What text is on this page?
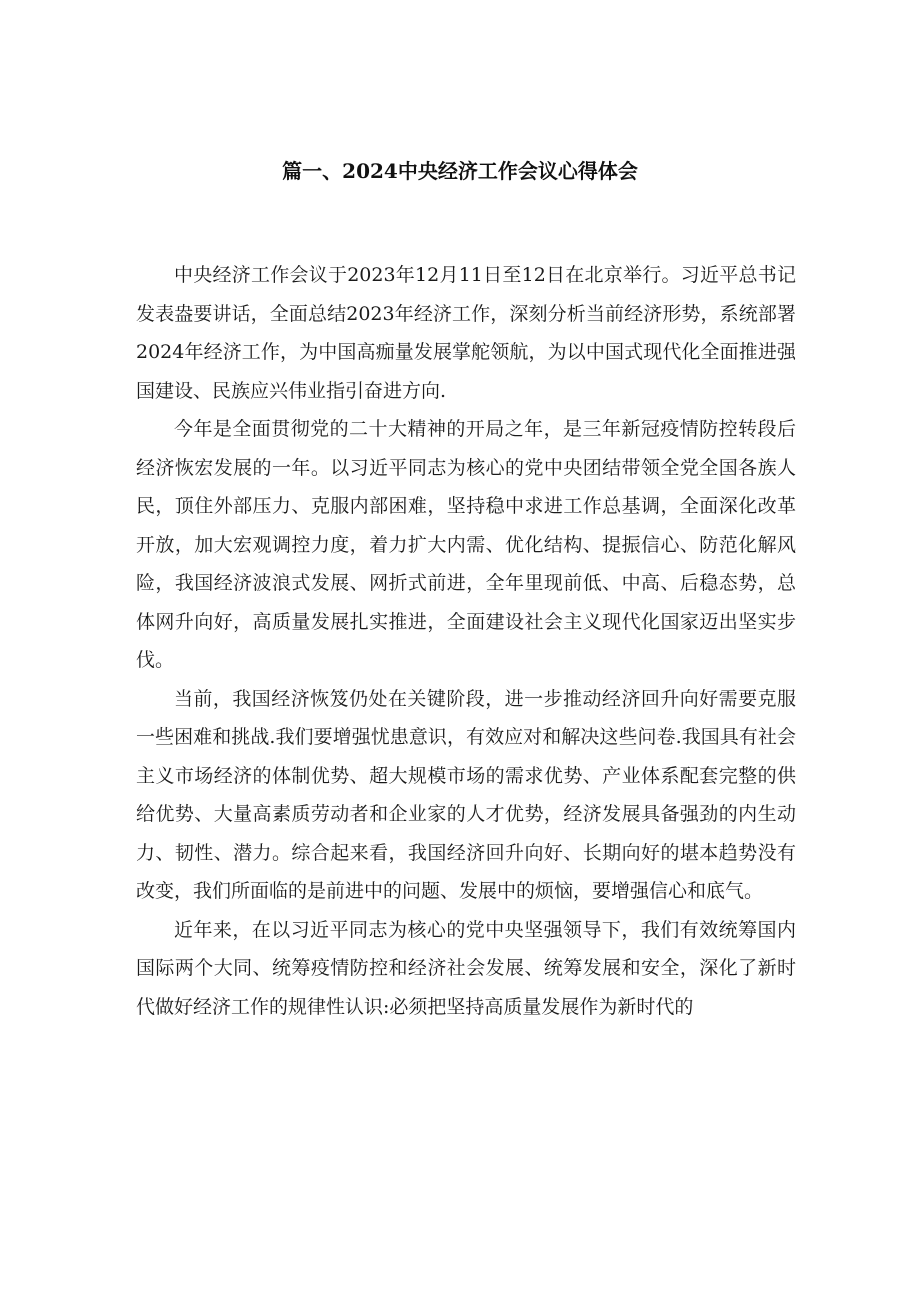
篇一、2024中央经济工作会议心得体会

中央经济工作会议于2023年12月11日至12日在北京举行。习近平总书记发表盎要讲话，全面总结2023年经济工作，深刻分析当前经济形势，系统部署2024年经济工作，为中国高痂量发展掌舵领航，为以中国式现代化全面推进强国建设、民族应兴伟业指引奋进方向.

今年是全面贯彻党的二十大精神的开局之年，是三年新冠疫情防控转段后经济恢宏发展的一年。以习近平同志为核心的党中央团结带领全党全国各族人民，顶住外部压力、克服内部困难，坚持稳中求进工作总基调，全面深化改革开放，加大宏观调控力度，着力扩大内需、优化结构、提振信心、防范化解风险，我国经济波浪式发展、网折式前进，全年里现前低、中高、后稳态势，总体网升向好，高质量发展扎实推进，全面建设社会主义现代化国家迈出坚实步伐。

当前，我国经济恢笈仍处在关键阶段，进一步推动经济回升向好需要克服一些困难和挑战.我们要增强忧患意识，有效应对和解决这些问卷.我国具有社会主义市场经济的体制优势、超大规模市场的需求优势、产业体系配套完整的供给优势、大量高素质劳动者和企业家的人才优势，经济发展具备强劲的内生动力、韧性、潜力。综合起来看，我国经济回升向好、长期向好的堪本趋势没有改变，我们所面临的是前进中的问题、发展中的烦恼，要增强信心和底气。

近年来，在以习近平同志为核心的党中央坚强领导下，我们有效统筹国内国际两个大同、统筹疫情防控和经济社会发展、统筹发展和安全，深化了新时代做好经济工作的规律性认识:必须把坚持高质量发展作为新时代的
